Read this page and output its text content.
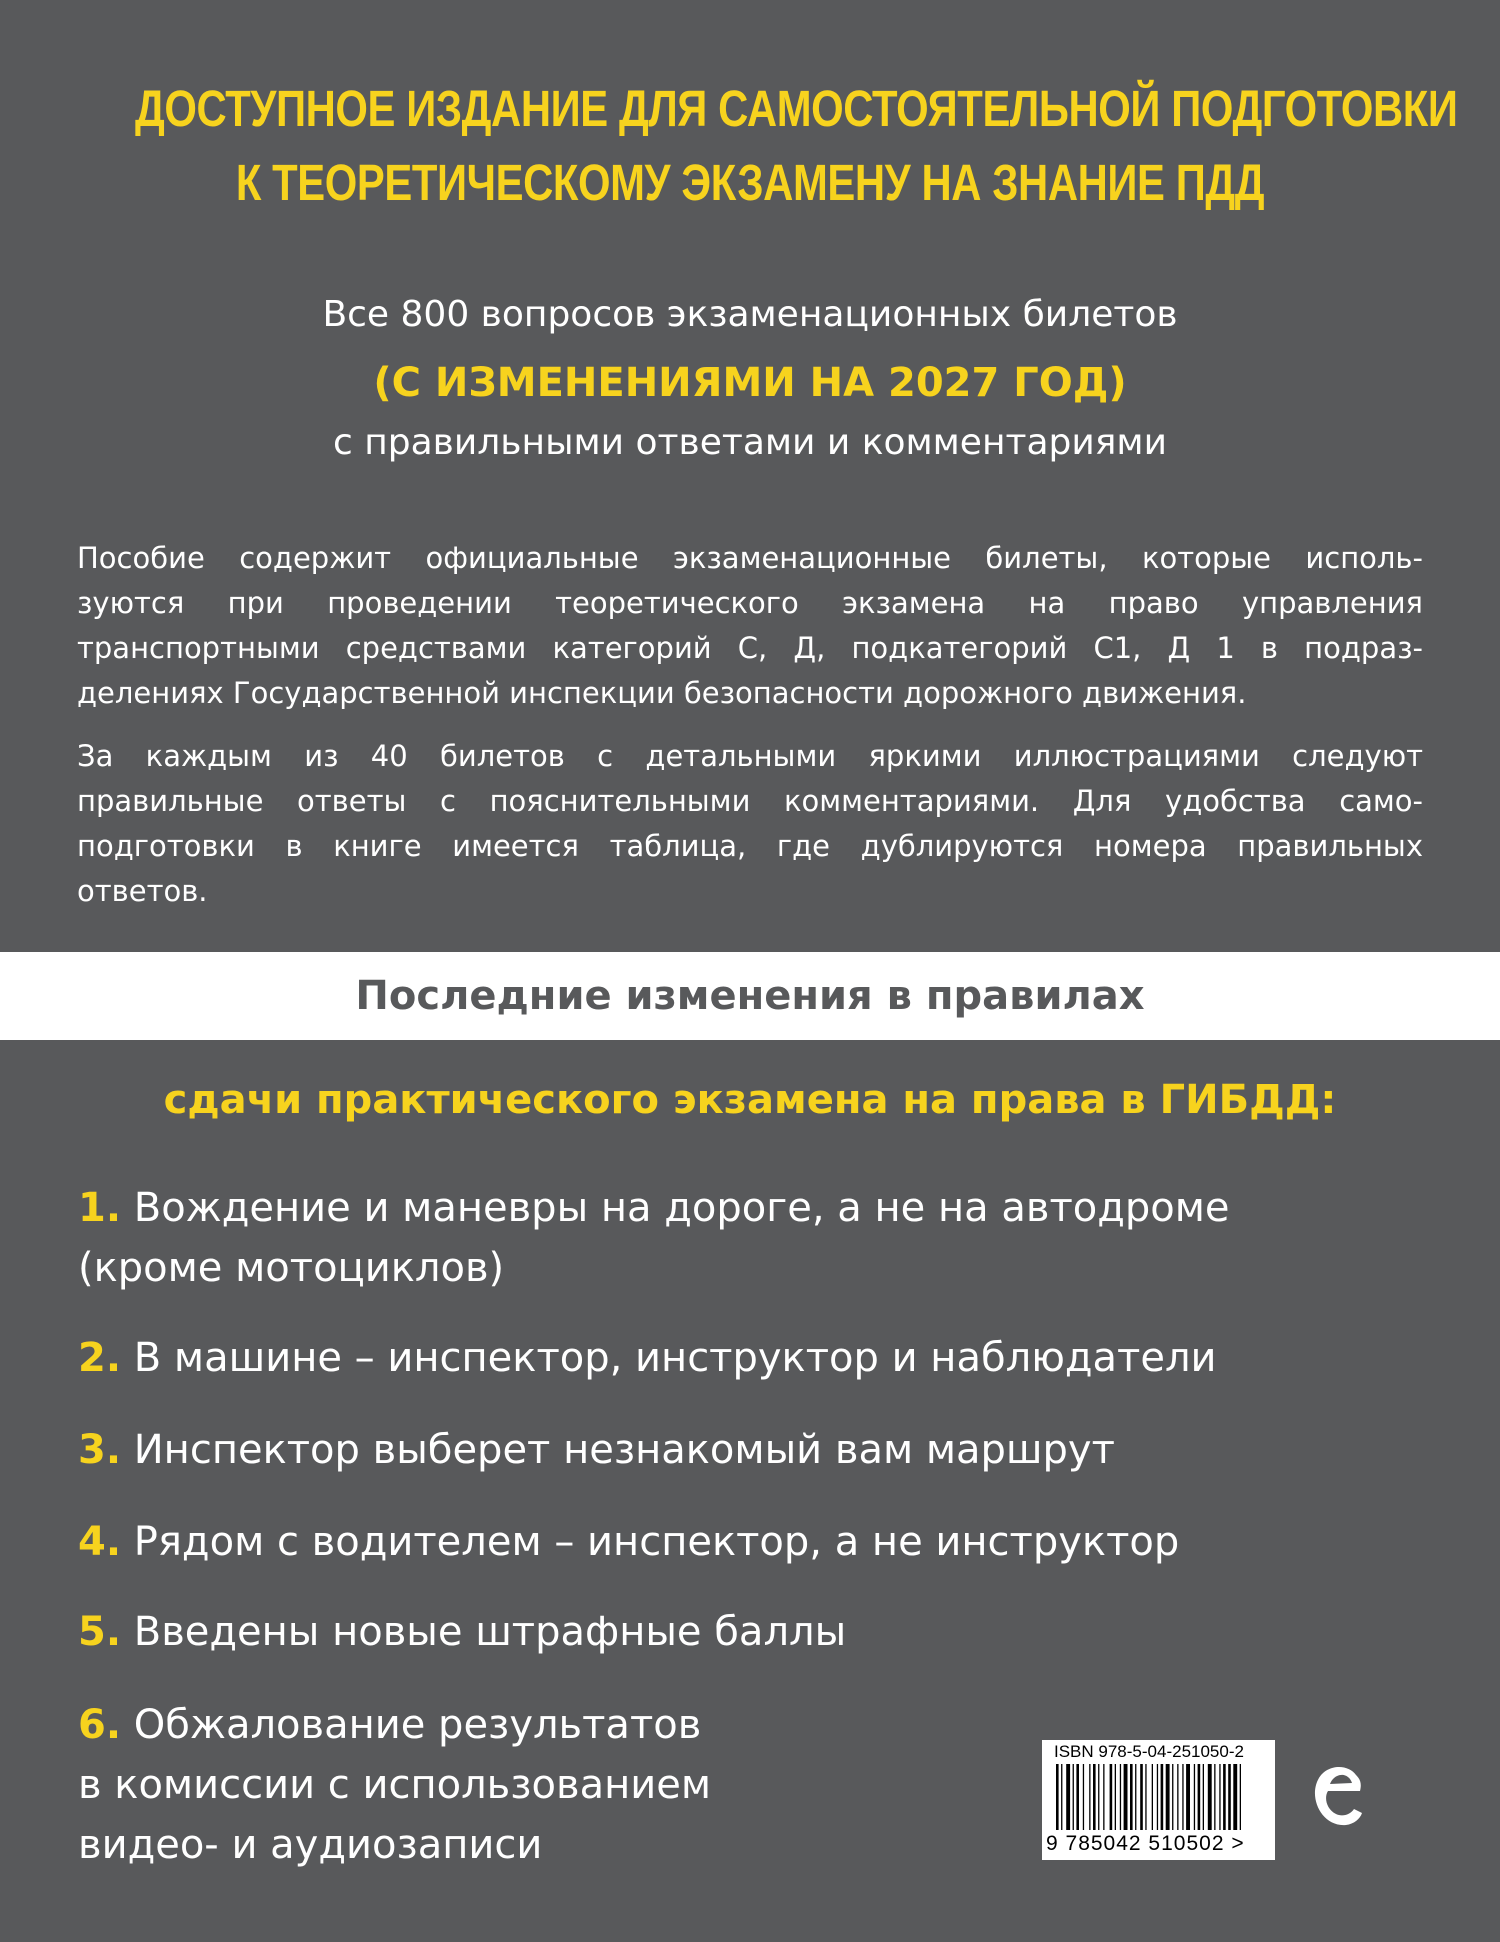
ДОСТУПНОЕ ИЗДАНИЕ ДЛЯ САМОСТОЯТЕЛЬНОЙ ПОДГОТОВКИ
К ТЕОРЕТИЧЕСКОМУ ЭКЗАМЕНУ НА ЗНАНИЕ ПДД
Все 800 вопросов экзаменационных билетов
(С ИЗМЕНЕНИЯМИ НА 2027 ГОД)
с правильными ответами и комментариями
Пособие содержит официальные экзаменационные билеты, которые исполь-
зуются при проведении теоретического экзамена на право управления
транспортными средствами категорий С, Д, подкатегорий С1, Д 1 в подраз-
делениях Государственной инспекции безопасности дорожного движения.
За каждым из 40 билетов с детальными яркими иллюстрациями следуют
правильные ответы с пояснительными комментариями. Для удобства само-
подготовки в книге имеется таблица, где дублируются номера правильных
ответов.
Последние изменения в правилах
сдачи практического экзамена на права в ГИБДД:
1. Вождение и маневры на дороге, а не на автодроме
(кроме мотоциклов)
2. В машине – инспектор, инструктор и наблюдатели
3. Инспектор выберет незнакомый вам маршрут
4. Рядом с водителем – инспектор, а не инструктор
5. Введены новые штрафные баллы
6. Обжалование результатов
в комиссии с использованием
видео- и аудиозаписи
ISBN 978-5-04-251050-2
9 785042 510502 >
